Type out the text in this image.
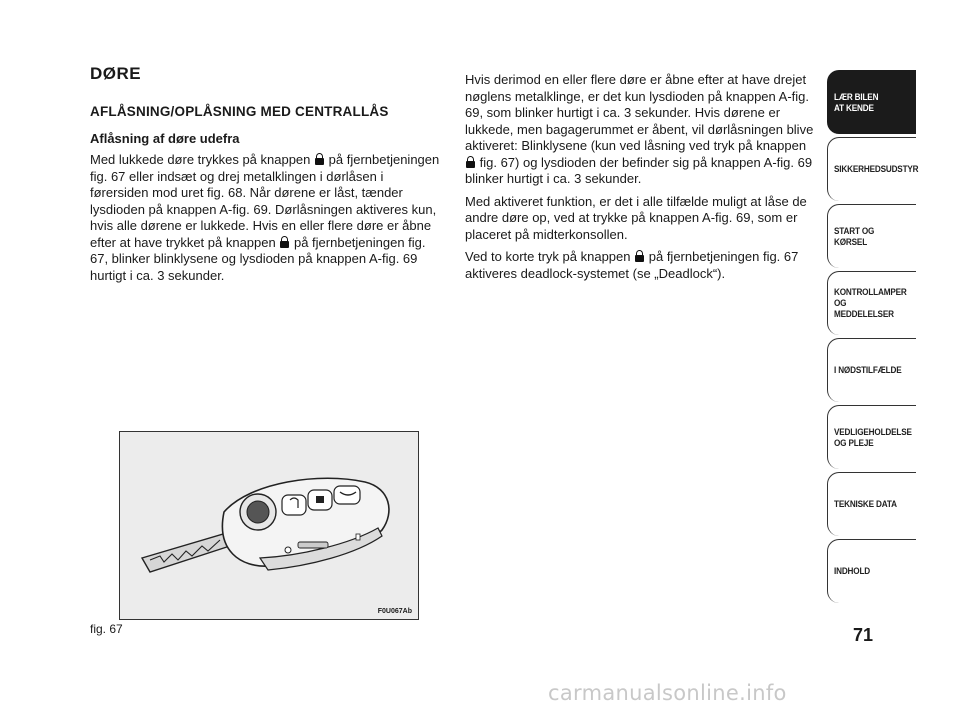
DØRE
AFLÅSNING/OPLÅSNING MED CENTRALLÅS
Aflåsning af døre udefra

Med lukkede døre trykkes på knappen på fjernbetjeningen fig. 67 eller indsæt og drej metalklingen i dørlåsen i førersiden mod uret fig. 68. Når dørene er låst, tænder lysdioden på knappen A-fig. 69. Dørlåsningen aktiveres kun, hvis alle dørene er lukkede. Hvis en eller flere døre er åbne efter at have trykket på knappen på fjernbetjeningen fig. 67, blinker blinklysene og lysdioden på knappen A-fig. 69 hurtigt i ca. 3 sekunder.

Hvis derimod en eller flere døre er åbne efter at have drejet nøglens metalklinge, er det kun lysdioden på knappen A-fig. 69, som blinker hurtigt i ca. 3 sekunder. Hvis dørene er lukkede, men bagagerummet er åbent, vil dørlåsningen blive aktiveret: Blinklysene (kun ved låsning ved tryk på knappen  fig. 67) og lysdioden der befinder sig på knappen A-fig. 69 blinker hurtigt i ca. 3 sekunder.

Med aktiveret funktion, er det i alle tilfælde muligt at låse de andre døre op, ved at trykke på knappen A-fig. 69, som er placeret på midterkonsollen.

Ved to korte tryk på knappen på fjernbetjeningen fig. 67 aktiveres deadlock-systemet (se „Deadlock“).

F0U067Ab
fig. 67
LÆR BILEN
AT KENDE
SIKKERHEDSUDSTYR
START OG KØRSEL
KONTROLLAMPER
OG MEDDELELSER
I NØDSTILFÆLDE
VEDLIGEHOLDELSE
OG PLEJE
TEKNISKE DATA
INDHOLD
71
carmanualsonline.info
